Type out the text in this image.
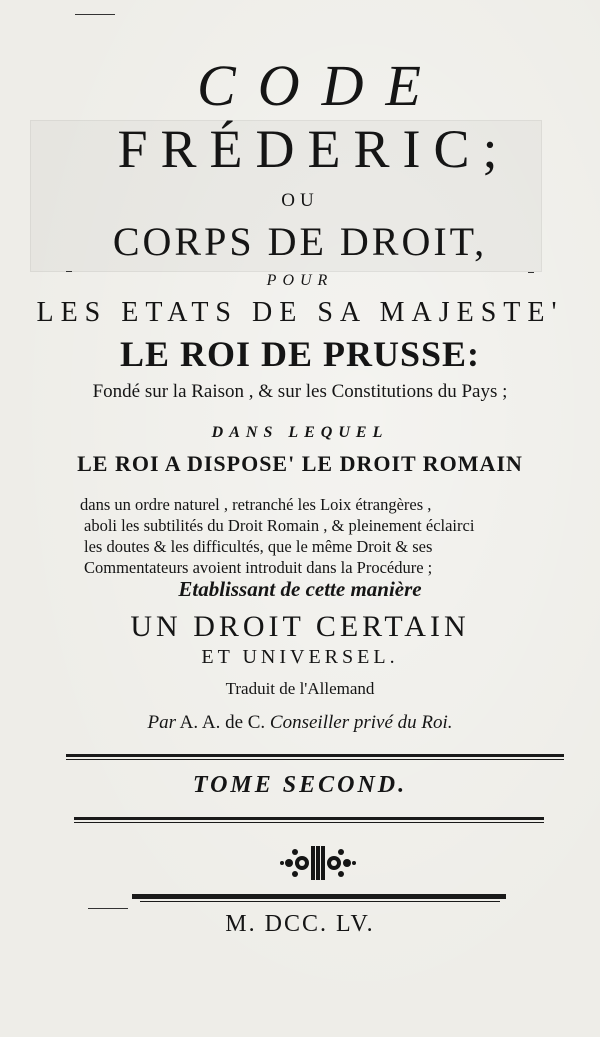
CODE
FRÉDERIC;
OU
CORPS DE DROIT,
POUR
LES ETATS DE SA MAJESTE'
LE ROI DE PRUSSE:
Fondé sur la Raison , & sur les Constitutions du Pays ;
DANS LEQUEL
LE ROI A DISPOSE' LE DROIT ROMAIN
dans un ordre naturel , retranché les Loix étrangères ,
aboli les subtilités du Droit Romain , & pleinement éclairci
les doutes & les difficultés, que le même Droit & ses
Commentateurs avoient introduit dans la Procédure ;
Etablissant de cette manière
UN DROIT CERTAIN
ET UNIVERSEL.
Traduit de l'Allemand
Par A. A. de C. Conseiller privé du Roi.
TOME SECOND.
M. DCC. LV.
